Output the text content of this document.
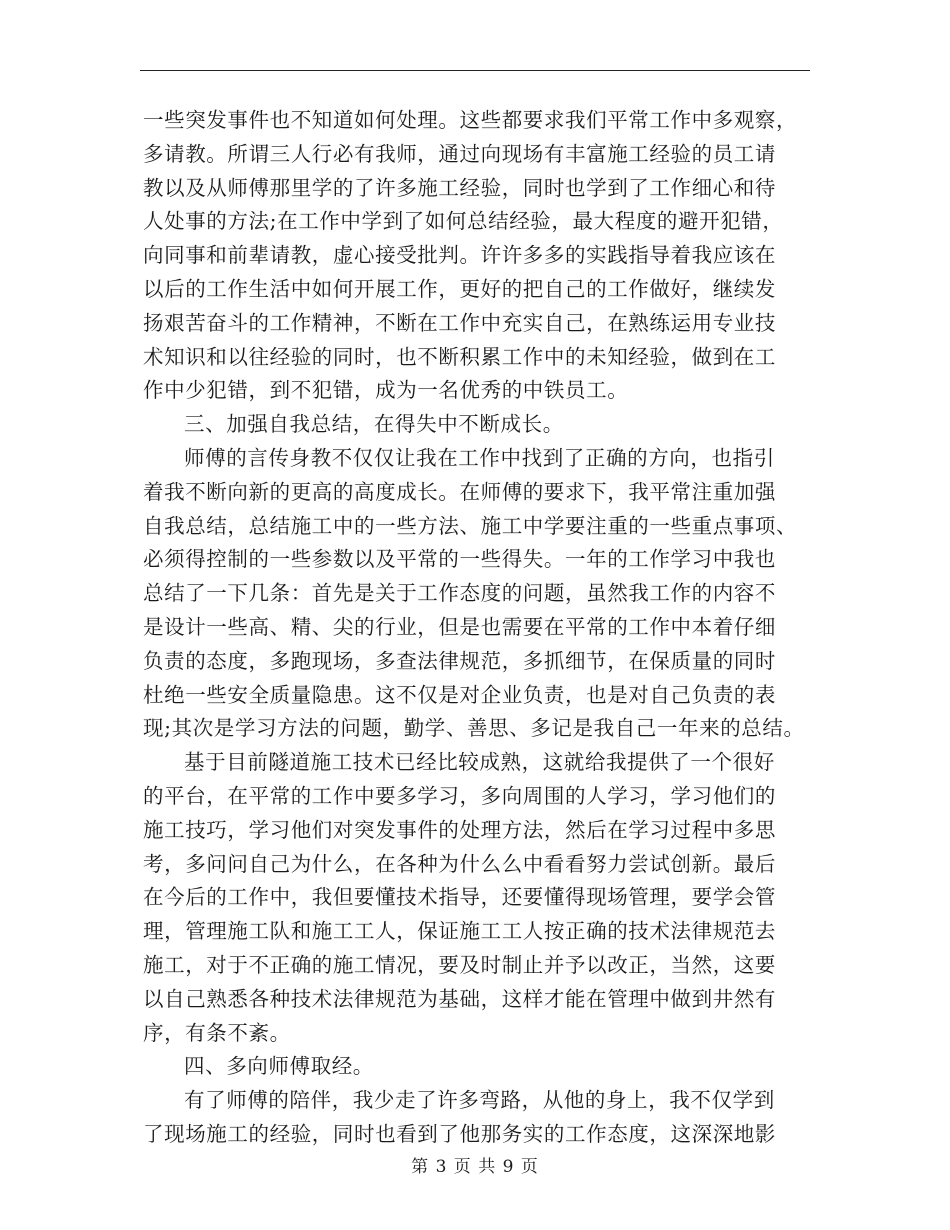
一些突发事件也不知道如何处理。这些都要求我们平常工作中多观察，
多请教。所谓三人行必有我师，通过向现场有丰富施工经验的员工请
教以及从师傅那里学的了许多施工经验，同时也学到了工作细心和待
人处事的方法;在工作中学到了如何总结经验，最大程度的避开犯错，
向同事和前辈请教，虚心接受批判。许许多多的实践指导着我应该在
以后的工作生活中如何开展工作，更好的把自己的工作做好，继续发
扬艰苦奋斗的工作精神，不断在工作中充实自己，在熟练运用专业技
术知识和以往经验的同时，也不断积累工作中的未知经验，做到在工
作中少犯错，到不犯错，成为一名优秀的中铁员工。
三、加强自我总结，在得失中不断成长。
师傅的言传身教不仅仅让我在工作中找到了正确的方向，也指引
着我不断向新的更高的高度成长。在师傅的要求下，我平常注重加强
自我总结，总结施工中的一些方法、施工中学要注重的一些重点事项、
必须得控制的一些参数以及平常的一些得失。一年的工作学习中我也
总结了一下几条：首先是关于工作态度的问题，虽然我工作的内容不
是设计一些高、精、尖的行业，但是也需要在平常的工作中本着仔细
负责的态度，多跑现场，多查法律规范，多抓细节，在保质量的同时
杜绝一些安全质量隐患。这不仅是对企业负责，也是对自己负责的表
现;其次是学习方法的问题，勤学、善思、多记是我自己一年来的总结。
基于目前隧道施工技术已经比较成熟，这就给我提供了一个很好
的平台，在平常的工作中要多学习，多向周围的人学习，学习他们的
施工技巧，学习他们对突发事件的处理方法，然后在学习过程中多思
考，多问问自己为什么，在各种为什么么中看看努力尝试创新。最后
在今后的工作中，我但要懂技术指导，还要懂得现场管理，要学会管
理，管理施工队和施工工人，保证施工工人按正确的技术法律规范去
施工，对于不正确的施工情况，要及时制止并予以改正，当然，这要
以自己熟悉各种技术法律规范为基础，这样才能在管理中做到井然有
序，有条不紊。
四、多向师傅取经。
有了师傅的陪伴，我少走了许多弯路，从他的身上，我不仅学到
了现场施工的经验，同时也看到了他那务实的工作态度，这深深地影
第 3 页 共 9 页
